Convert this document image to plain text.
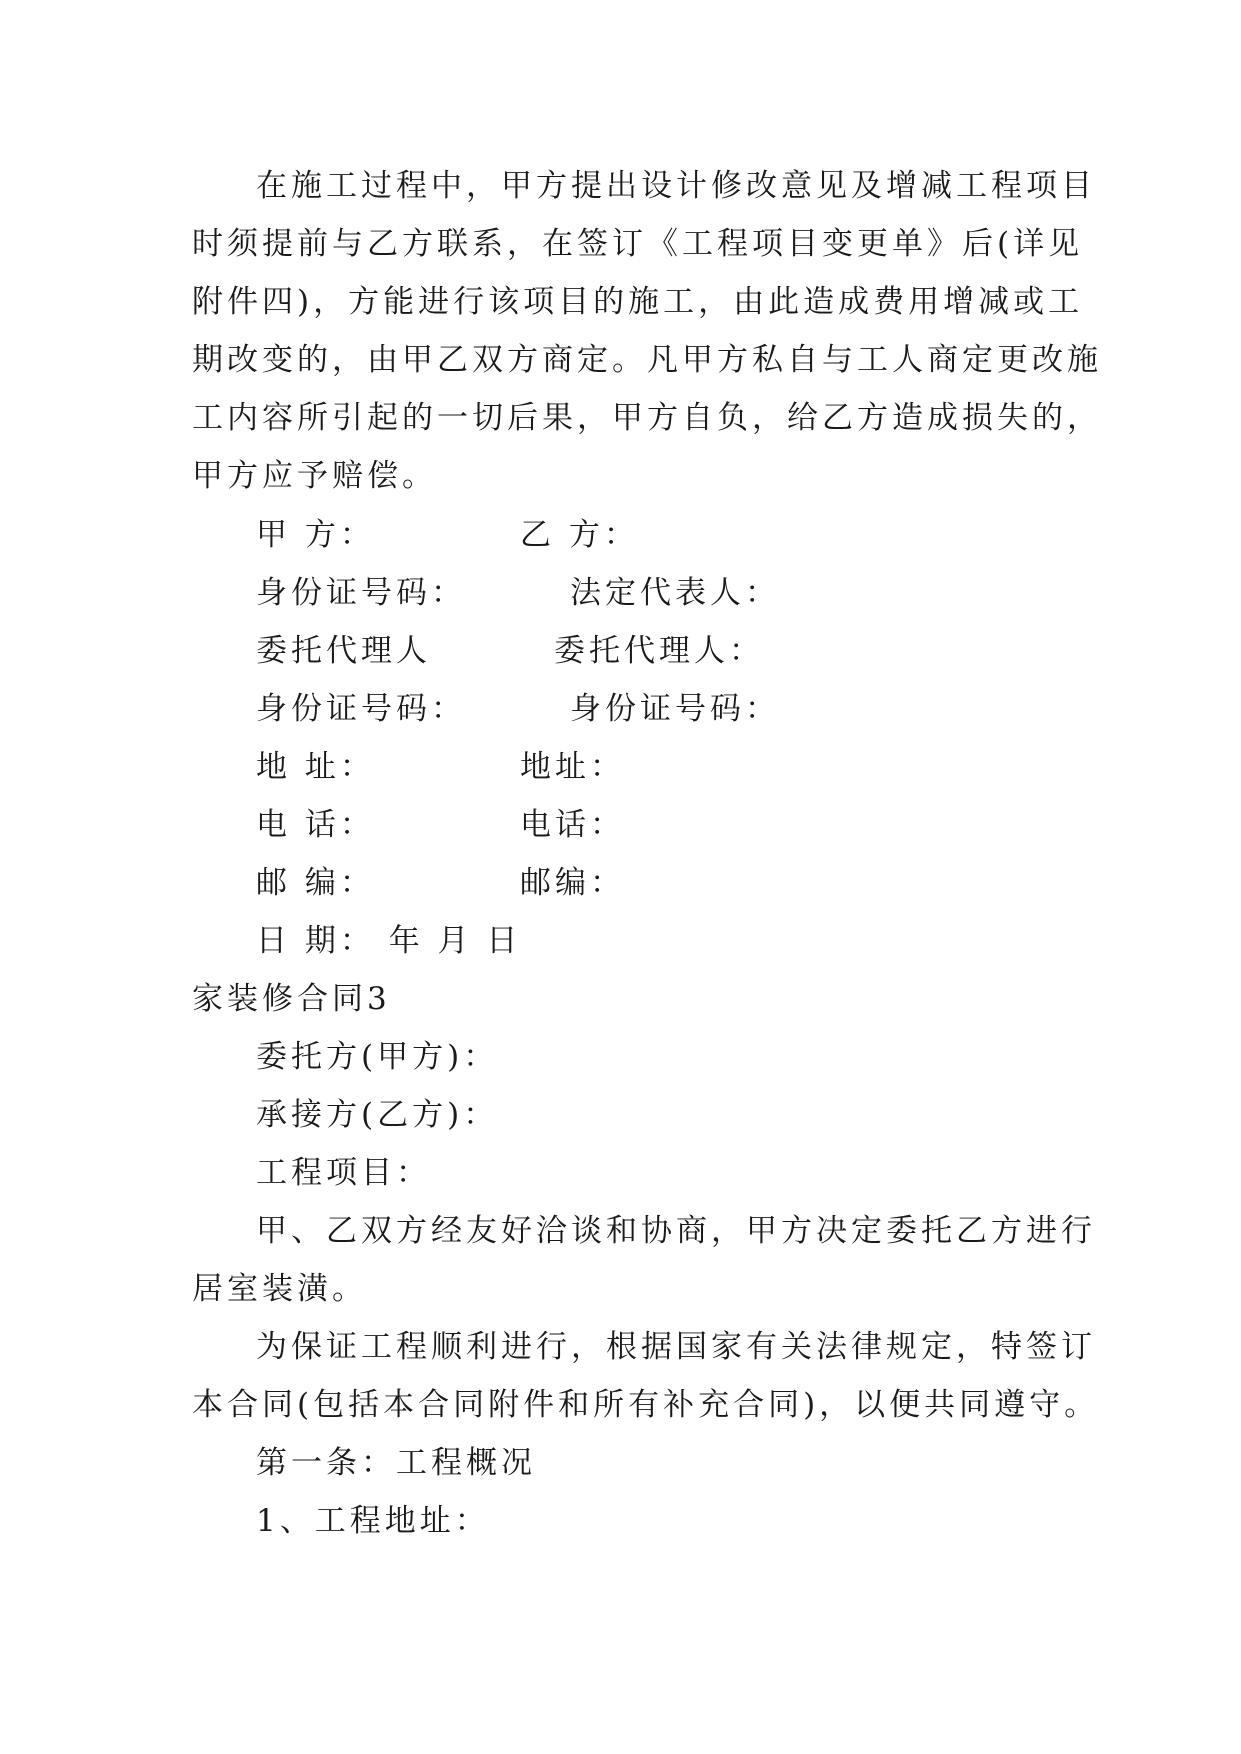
在施工过程中，甲方提出设计修改意见及增减工程项目
时须提前与乙方联系，在签订《工程项目变更单》后(详见
附件四)，方能进行该项目的施工，由此造成费用增减或工
期改变的，由甲乙双方商定。凡甲方私自与工人商定更改施
工内容所引起的一切后果，甲方自负，给乙方造成损失的，
甲方应予赔偿。
甲 方：	乙 方：
身份证号码：	法定代表人：
委托代理人	委托代理人：
身份证号码：	身份证号码：
地 址：	地址：
电 话：	电话：
邮 编：	邮编：
日 期： 年 月 日
家装修合同3
委托方(甲方)：
承接方(乙方)：
工程项目：
甲、乙双方经友好洽谈和协商，甲方决定委托乙方进行
居室装潢。
为保证工程顺利进行，根据国家有关法律规定，特签订
本合同(包括本合同附件和所有补充合同)，以便共同遵守。
第一条：工程概况
1、工程地址：
